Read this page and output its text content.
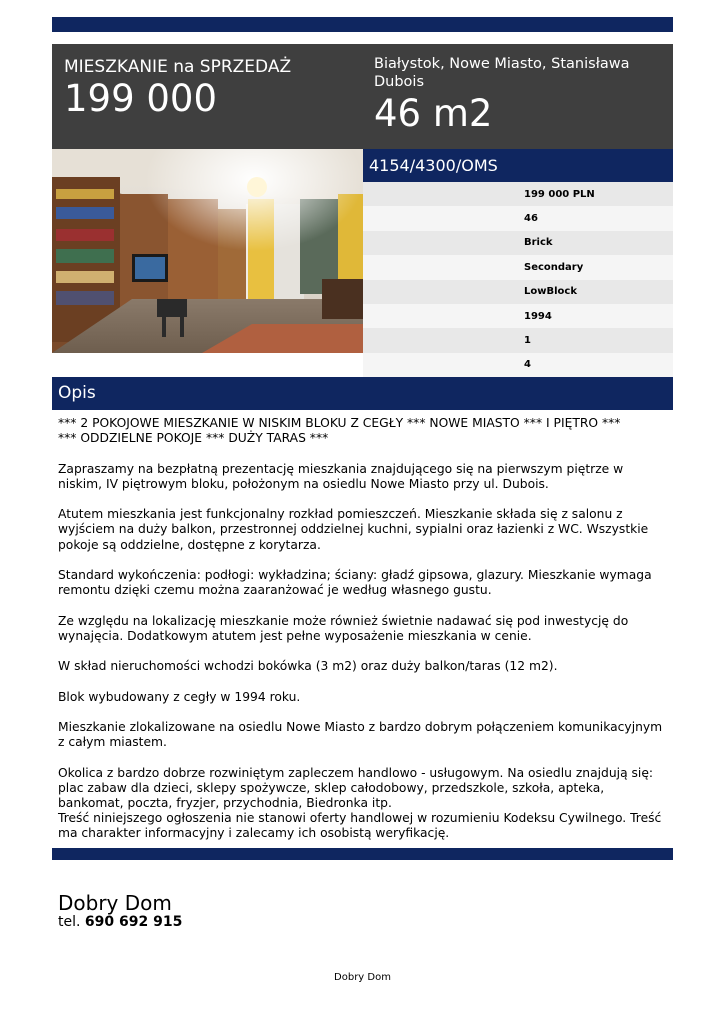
MIESZKANIE na SPRZEDAŻ
199 000
Białystok, Nowe Miasto, Stanisława Dubois
46 m2
4154/4300/OMS
199 000 PLN
46
Brick
Secondary
LowBlock
1994
1
4
Opis

*** 2 POKOJOWE MIESZKANIE W NISKIM BLOKU Z CEGŁY *** NOWE MIASTO *** I PIĘTRO ***

*** ODDZIELNE POKOJE *** DUŻY TARAS ***

Zapraszamy na bezpłatną prezentację mieszkania znajdującego się na pierwszym piętrze w niskim, IV piętrowym bloku, położonym na osiedlu Nowe Miasto przy ul. Dubois.

Atutem mieszkania jest funkcjonalny rozkład pomieszczeń. Mieszkanie składa się z salonu z wyjściem na duży balkon, przestronnej oddzielnej kuchni, sypialni oraz łazienki z WC. Wszystkie pokoje są oddzielne, dostępne z korytarza.

Standard wykończenia: podłogi: wykładzina; ściany: gładź gipsowa, glazury. Mieszkanie wymaga remontu dzięki czemu można zaaranżować je według własnego gustu.

Ze względu na lokalizację mieszkanie może również świetnie nadawać się pod inwestycję do wynajęcia. Dodatkowym atutem jest pełne wyposażenie mieszkania w cenie.

W skład nieruchomości wchodzi bokówka (3 m2) oraz duży balkon/taras (12 m2).

Blok wybudowany z cegły w 1994 roku.

Mieszkanie zlokalizowane na osiedlu Nowe Miasto z bardzo dobrym połączeniem komunikacyjnym z całym miastem.

Okolica z bardzo dobrze rozwiniętym zapleczem handlowo - usługowym. Na osiedlu znajdują się: plac zabaw dla dzieci, sklepy spożywcze, sklep całodobowy, przedszkole, szkoła, apteka, bankomat, poczta, fryzjer, przychodnia, Biedronka itp.

Treść niniejszego ogłoszenia nie stanowi oferty handlowej w rozumieniu Kodeksu Cywilnego. Treść ma charakter informacyjny i zalecamy ich osobistą weryfikację.

Dobry Dom
tel. 690 692 915
Dobry Dom
